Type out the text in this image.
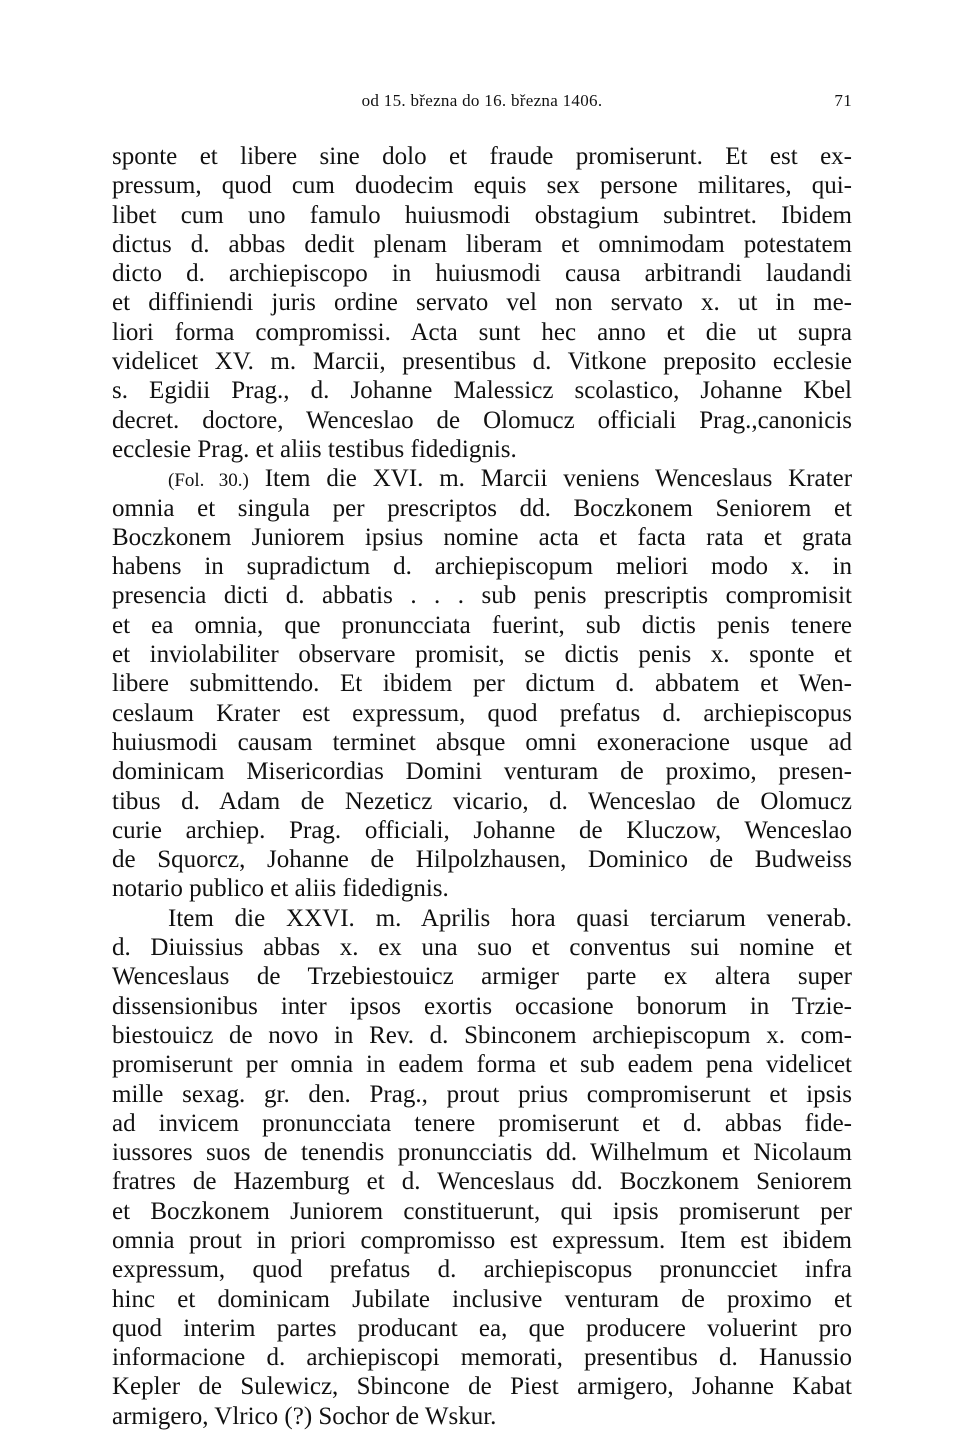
od 15. března do 16. března 1406.	71
sponte et libere sine dolo et fraude promiserunt. Et est ex-
pressum, quod cum duodecim equis sex persone militares, qui-
libet cum uno famulo huiusmodi obstagium subintret. Ibidem
dictus d. abbas dedit plenam liberam et omnimodam potestatem
dicto d. archiepiscopo in huiusmodi causa arbitrandi laudandi
et diffiniendi juris ordine servato vel non servato x. ut in me-
liori forma compromissi. Acta sunt hec anno et die ut supra
videlicet XV. m. Marcii, presentibus d. Vitkone preposito ecclesie
s. Egidii Prag., d. Johanne Malessicz scolastico, Johanne Kbel
decret. doctore, Wenceslao de Olomucz officiali Prag.,canonicis
ecclesie Prag. et aliis testibus fidedignis.
(Fol. 30.) Item die XVI. m. Marcii veniens Wenceslaus Krater
omnia et singula per prescriptos dd. Boczkonem Seniorem et
Boczkonem Juniorem ipsius nomine acta et facta rata et grata
habens in supradictum d. archiepiscopum meliori modo x. in
presencia dicti d. abbatis . . . sub penis prescriptis compromisit
et ea omnia, que pronuncciata fuerint, sub dictis penis tenere
et inviolabiliter observare promisit, se dictis penis x. sponte et
libere submittendo. Et ibidem per dictum d. abbatem et Wen-
ceslaum Krater est expressum, quod prefatus d. archiepiscopus
huiusmodi causam terminet absque omni exoneracione usque ad
dominicam Misericordias Domini venturam de proximo, presen-
tibus d. Adam de Nezeticz vicario, d. Wenceslao de Olomucz
curie archiep. Prag. officiali, Johanne de Kluczow, Wenceslao
de Squorcz, Johanne de Hilpolzhausen, Dominico de Budweiss
notario publico et aliis fidedignis.
Item die XXVI. m. Aprilis hora quasi terciarum venerab.
d. Diuissius abbas x. ex una suo et conventus sui nomine et
Wenceslaus de Trzebiestouicz armiger parte ex altera super
dissensionibus inter ipsos exortis occasione bonorum in Trzie-
biestouicz de novo in Rev. d. Sbinconem archiepiscopum x. com-
promiserunt per omnia in eadem forma et sub eadem pena videlicet
mille sexag. gr. den. Prag., prout prius compromiserunt et ipsis
ad invicem pronuncciata tenere promiserunt et d. abbas fide-
iussores suos de tenendis pronuncciatis dd. Wilhelmum et Nicolaum
fratres de Hazemburg et d. Wenceslaus dd. Boczkonem Seniorem
et Boczkonem Juniorem constituerunt, qui ipsis promiserunt per
omnia prout in priori compromisso est expressum. Item est ibidem
expressum, quod prefatus d. archiepiscopus pronuncciet infra
hinc et dominicam Jubilate inclusive venturam de proximo et
quod interim partes producant ea, que producere voluerint pro
informacione d. archiepiscopi memorati, presentibus d. Hanussio
Kepler de Sulewicz, Sbincone de Piest armigero, Johanne Kabat
armigero, Vlrico (?) Sochor de Wskur.
